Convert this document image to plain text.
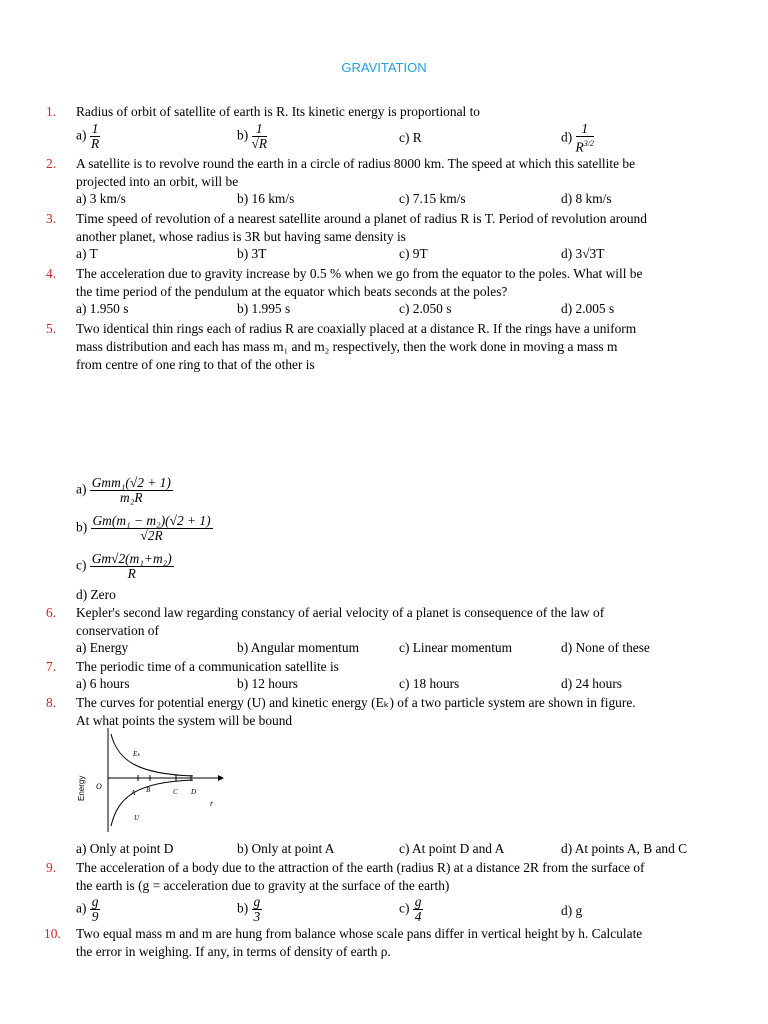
GRAVITATION
1. Radius of orbit of satellite of earth is R. Its kinetic energy is proportional to
$a) \frac{1}{R}$	$b) \frac{1}{√R}$	c) R	$d) \frac{1}{R^{3/2}}$
2. A satellite is to revolve round the earth in a circle of radius 8000 km. The speed at which this satellite be
projected into an orbit, will be
a) 3 km/s	b) 16 km/s	c) 7.15 km/s	d) 8 km/s
3. Time speed of revolution of a nearest satellite around a planet of radius R is T. Period of revolution around
another planet, whose radius is 3R but having same density is
a) T	b) 3T	c) 9T	d) 3√3T
4. The acceleration due to gravity increase by 0.5 % when we go from the equator to the poles. What will be
the time period of the pendulum at the equator which beats seconds at the poles?
a) 1.950 s	b) 1.995 s	c) 2.050 s	d) 2.005 s
5. Two identical thin rings each of radius R are coaxially placed at a distance R. If the rings have a uniform
mass distribution and each has mass m₁ and m₂ respectively, then the work done in moving a mass m
from centre of one ring to that of the other is
$a) \frac{\text{Gmm₁(√2 + 1)}}{\text{m₂R}}$
$b) \frac{\text{Gm(m₁ − m₂)(√2 + 1)}}{√2R}$
$c) \frac{\text{Gm√2(m₁+m₂)}}{R}$
d) Zero
6. Kepler's second law regarding constancy of aerial velocity of a planet is consequence of the law of
conservation of
a) Energy	b) Angular momentum	c) Linear momentum	d) None of these
7. The periodic time of a communication satellite is
a) 6 hours	b) 12 hours	c) 18 hours	d) 24 hours
8. The curves for potential energy (U) and kinetic energy (Eₖ) of a two particle system are shown in figure.
At what points the system will be bound
Energy O
Eₖ
U
r
A B	C D
a) Only at point D	b) Only at point A	c) At point D and A	d) At points A, B and C
9. The acceleration of a body due to the attraction of the earth (radius R) at a distance 2R from the surface of
the earth is (g = acceleration due to gravity at the surface of the earth)
$a) \frac{g}{9}$	$b) \frac{g}{3}$	$c) \frac{g}{4}$	d) g
10. Two equal mass m and m are hung from balance whose scale pans differ in vertical height by h. Calculate
the error in weighing. If any, in terms of density of earth ρ.
